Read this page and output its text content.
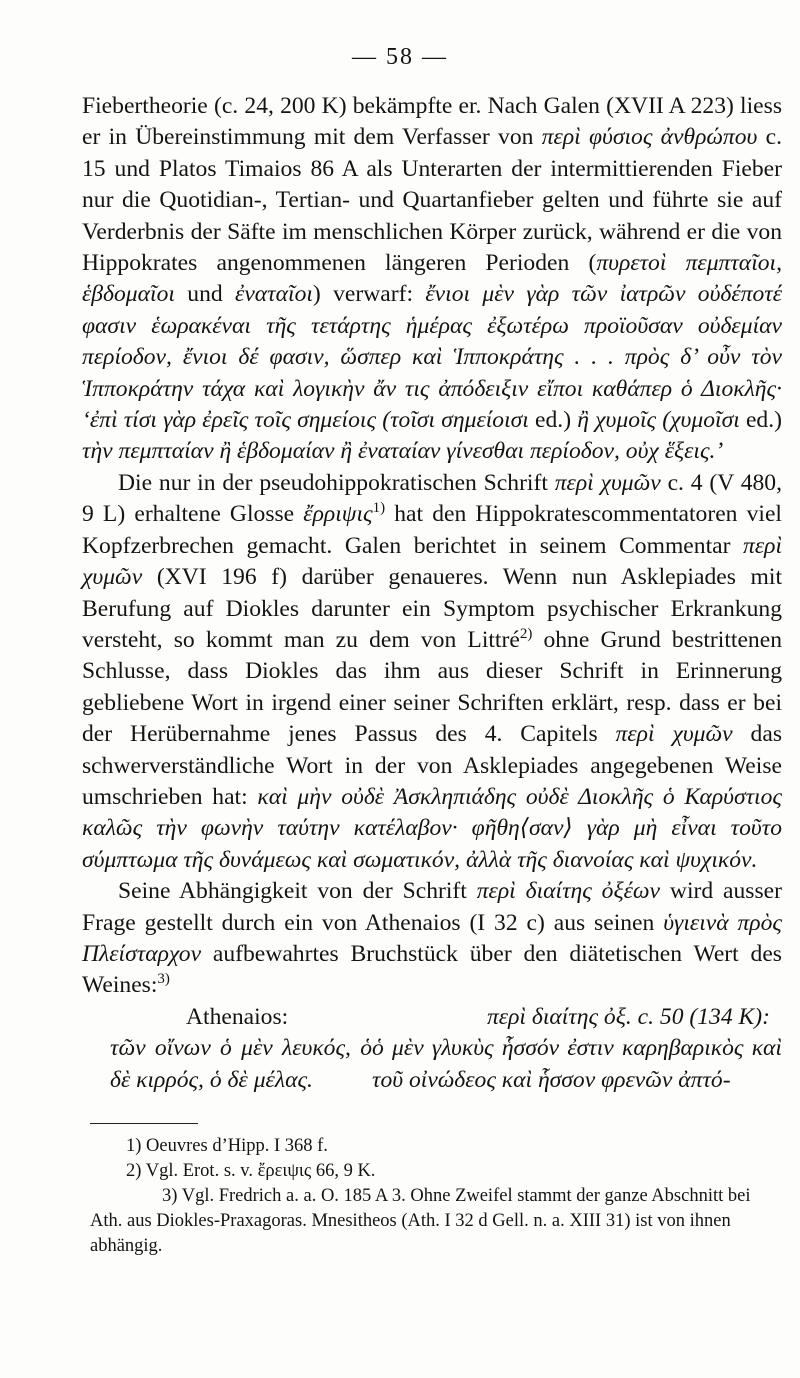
— 58 —

Fiebertheorie (c. 24, 200 K) bekämpfte er. Nach Galen (XVII A 223) liess er in Übereinstimmung mit dem Verfasser von περὶ φύσιος ἀνθρώπου c. 15 und Platos Timaios 86 A als Unterarten der intermittierenden Fieber nur die Quotidian-, Tertian- und Quartanfieber gelten und führte sie auf Verderbnis der Säfte im menschlichen Körper zurück, während er die von Hippokrates angenommenen längeren Perioden (πυρετοὶ πεμπταῖοι, ἑβδομαῖοι und ἐναταῖοι) verwarf: ἔνιοι μὲν γὰρ τῶν ἰατρῶν οὐδέποτέ φασιν ἑωρακέναι τῆς τετάρτης ἡμέρας ἐξωτέρω προϊοῦσαν οὐδεμίαν περίοδον, ἔνιοι δέ φασιν, ὥσπερ καὶ Ἱπποκράτης . . . πρὸς δ’ οὖν τὸν Ἱπποκράτην τάχα καὶ λογικὴν ἄν τις ἀπόδειξιν εἴποι καθάπερ ὁ Διοκλῆς· ‘ἐπὶ τίσι γὰρ ἐρεῖς τοῖς σημείοις (τοῖσι σημείοισι ed.) ἢ χυμοῖς (χυμοῖσι ed.) τὴν πεμπταίαν ἢ ἑβδομαίαν ἢ ἐναταίαν γίνεσθαι περίοδον, οὐχ ἕξεις.’

Die nur in der pseudohippokratischen Schrift περὶ χυμῶν c. 4 (V 480, 9 L) erhaltene Glosse ἔρριψις$^{1)}$ hat den Hippokratescommentatoren viel Kopfzerbrechen gemacht. Galen berichtet in seinem Commentar περὶ χυμῶν (XVI 196 f) darüber genaueres. Wenn nun Asklepiades mit Berufung auf Diokles darunter ein Symptom psychischer Erkrankung versteht, so kommt man zu dem von Littré$^{2)}$ ohne Grund bestrittenen Schlusse, dass Diokles das ihm aus dieser Schrift in Erinnerung gebliebene Wort in irgend einer seiner Schriften erklärt, resp. dass er bei der Herübernahme jenes Passus des 4. Capitels περὶ χυμῶν das schwerverständliche Wort in der von Asklepiades angegebenen Weise umschrieben hat: καὶ μὴν οὐδὲ Ἀσκληπιάδης οὐδὲ Διοκλῆς ὁ Καρύστιος καλῶς τὴν φωνὴν ταύτην κατέλαβον· φῆθη⟨σαν⟩ γὰρ μὴ εἶναι τοῦτο σύμπτωμα τῆς δυνάμεως καὶ σωματικόν, ἀλλὰ τῆς διανοίας καὶ ψυχικόν.

Seine Abhängigkeit von der Schrift περὶ διαίτης ὀξέων wird ausser Frage gestellt durch ein von Athenaios (I 32 c) aus seinen ὑγιεινὰ πρὸς Πλείσταρχον aufbewahrtes Bruchstück über den diätetischen Wert des Weines:$^{3)}$

Athenaios:	περὶ διαίτης ὀξ. c. 50 (134 K):
τῶν οἴνων ὁ μὲν λευκός, ὁ δὲ κιρρός, ὁ δὲ μέλας.
ὁ μὲν γλυκὺς ἧσσόν ἐστιν καρηβαρικὸς καὶ τοῦ οἰνώδεος καὶ ἧσσον φρενῶν ἀπτό-

1) Oeuvres d’Hipp. I 368 f.

2) Vgl. Erot. s. v. ἔρειψις 66, 9 K.

3) Vgl. Fredrich a. a. O. 185 A 3. Ohne Zweifel stammt der ganze Abschnitt bei Ath. aus Diokles-Praxagoras. Mnesitheos (Ath. I 32 d Gell. n. a. XIII 31) ist von ihnen abhängig.
